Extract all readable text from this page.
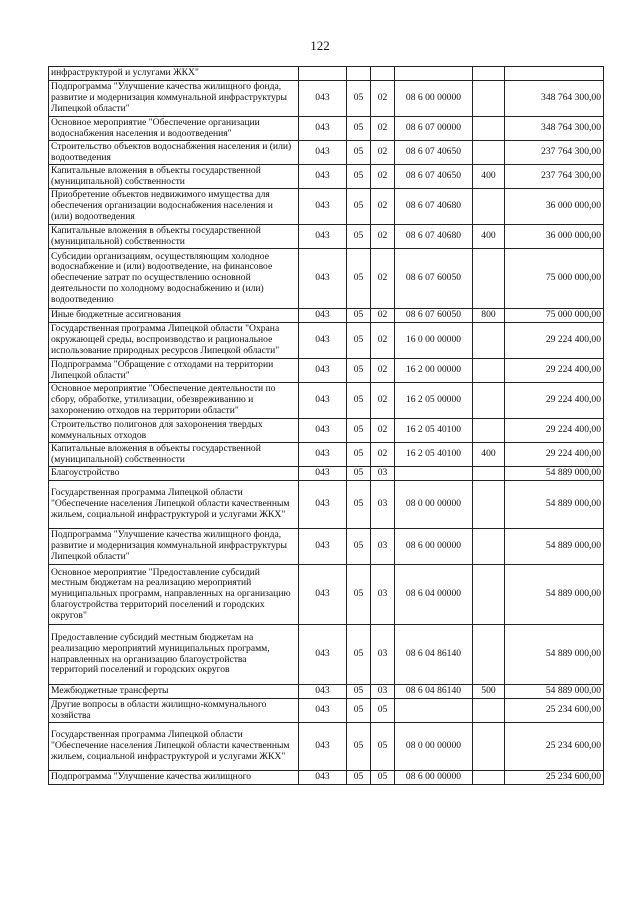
122
инфраструктурой и услугами ЖКХ"						
Подпрограмма "Улучшение качества жилищного фонда, развитие и модернизация коммунальной инфраструктуры Липецкой области"	043	05	02	08 6 00 00000		348 764 300,00
Основное мероприятие "Обеспечение организации водоснабжения населения и водоотведения"	043	05	02	08 6 07 00000		348 764 300,00
Строительство объектов водоснабжения населения и (или) водоотведения	043	05	02	08 6 07 40650		237 764 300,00
Капитальные вложения в объекты государственной (муниципальной) собственности	043	05	02	08 6 07 40650	400	237 764 300,00
Приобретение объектов недвижимого имущества для обеспечения организации водоснабжения населения и (или) водоотведения	043	05	02	08 6 07 40680		36 000 000,00
Капитальные вложения в объекты государственной (муниципальной) собственности	043	05	02	08 6 07 40680	400	36 000 000,00
Субсидии организациям, осуществляющим холодное водоснабжение и (или) водоотведение, на финансовое обеспечение затрат по осуществлению основной деятельности по холодному водоснабжению и (или) водоотведению	043	05	02	08 6 07 60050		75 000 000,00
Иные бюджетные ассигнования	043	05	02	08 6 07 60050	800	75 000 000,00
Государственная программа Липецкой области "Охрана окружающей среды, воспроизводство и рациональное использование природных ресурсов Липецкой области"	043	05	02	16 0 00 00000		29 224 400,00
Подпрограмма "Обращение с отходами на территории Липецкой области"	043	05	02	16 2 00 00000		29 224 400,00
Основное мероприятие "Обеспечение деятельности по сбору, обработке, утилизации, обезвреживанию и захоронению отходов на территории области"	043	05	02	16 2 05 00000		29 224 400,00
Строительство полигонов для захоронения твердых коммунальных отходов	043	05	02	16 2 05 40100		29 224 400,00
Капитальные вложения в объекты государственной (муниципальной) собственности	043	05	02	16 2 05 40100	400	29 224 400,00
Благоустройство	043	05	03			54 889 000,00
Государственная программа Липецкой области "Обеспечение населения Липецкой области качественным жильем, социальной инфраструктурой и услугами ЖКХ"	043	05	03	08 0 00 00000		54 889 000,00
Подпрограмма "Улучшение качества жилищного фонда, развитие и модернизация коммунальной инфраструктуры Липецкой области"	043	05	03	08 6 00 00000		54 889 000,00
Основное мероприятие "Предоставление субсидий местным бюджетам на реализацию мероприятий муниципальных программ, направленных на организацию благоустройства территорий поселений и городских округов"	043	05	03	08 6 04 00000		54 889 000,00
Предоставление субсидий местным бюджетам на реализацию мероприятий муниципальных программ, направленных на организацию благоустройства территорий поселений и городских округов	043	05	03	08 6 04 86140		54 889 000,00
Межбюджетные трансферты	043	05	03	08 6 04 86140	500	54 889 000,00
Другие вопросы в области жилищно-коммунального хозяйства	043	05	05			25 234 600,00
Государственная программа Липецкой области "Обеспечение населения Липецкой области качественным жильем, социальной инфраструктурой и услугами ЖКХ"	043	05	05	08 0 00 00000		25 234 600,00
Подпрограмма "Улучшение качества жилищного	043	05	05	08 6 00 00000		25 234 600,00
